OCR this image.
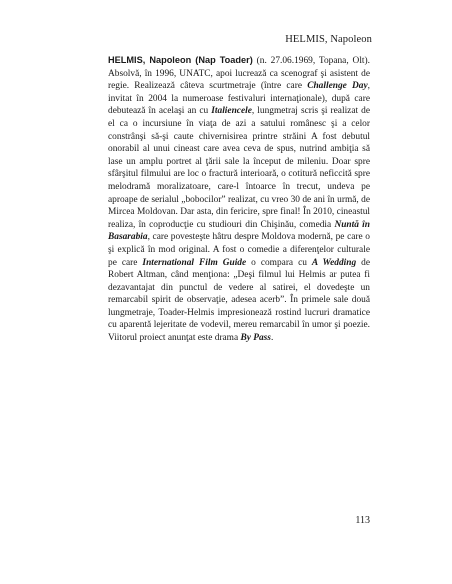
HELMIS, Napoleon

HELMIS, Napoleon (Nap Toader) (n. 27.06.1969, Topana, Olt). Absolvă, în 1996, UNATC, apoi lucrează ca scenograf şi asistent de regie. Realizează câteva scurtmetraje (între care Challenge Day, invitat în 2004 la numeroase festivaluri internaţionale), după care debutează în acelaşi an cu Italiencele, lungmetraj scris şi realizat de el ca o incursiune în viaţa de azi a satului românesc şi a celor constrânşi să-şi caute chivernisirea printre străini A fost debutul onorabil al unui cineast care avea ceva de spus, nutrind ambiţia să lase un amplu portret al ţării sale la început de mileniu. Doar spre sfârşitul filmului are loc o fractură interioară, o cotitură neficcită spre melodramă moralizatoare, care-l întoarce în trecut, undeva pe aproape de serialul „bobocilor” realizat, cu vreo 30 de ani în urmă, de Mircea Moldovan. Dar asta, din fericire, spre final! În 2010, cineastul realiza, în coproducţie cu studiouri din Chişinău, comedia Nuntă în Basarabia, care povesteşte hâtru despre Moldova modernă, pe care o şi explică în mod original. A fost o comedie a diferenţelor culturale pe care International Film Guide o compara cu A Wedding de Robert Altman, când menţiona: „Deşi filmul lui Helmis ar putea fi dezavantajat din punctul de vedere al satirei, el dovedeşte un remarcabil spirit de observaţie, adesea acerb”. În primele sale două lungmetraje, Toader-Helmis impresionează rostind lucruri dramatice cu aparentă lejeritate de vodevil, mereu remarcabil în umor şi poezie. Viitorul proiect anunţat este drama By Pass.

113
